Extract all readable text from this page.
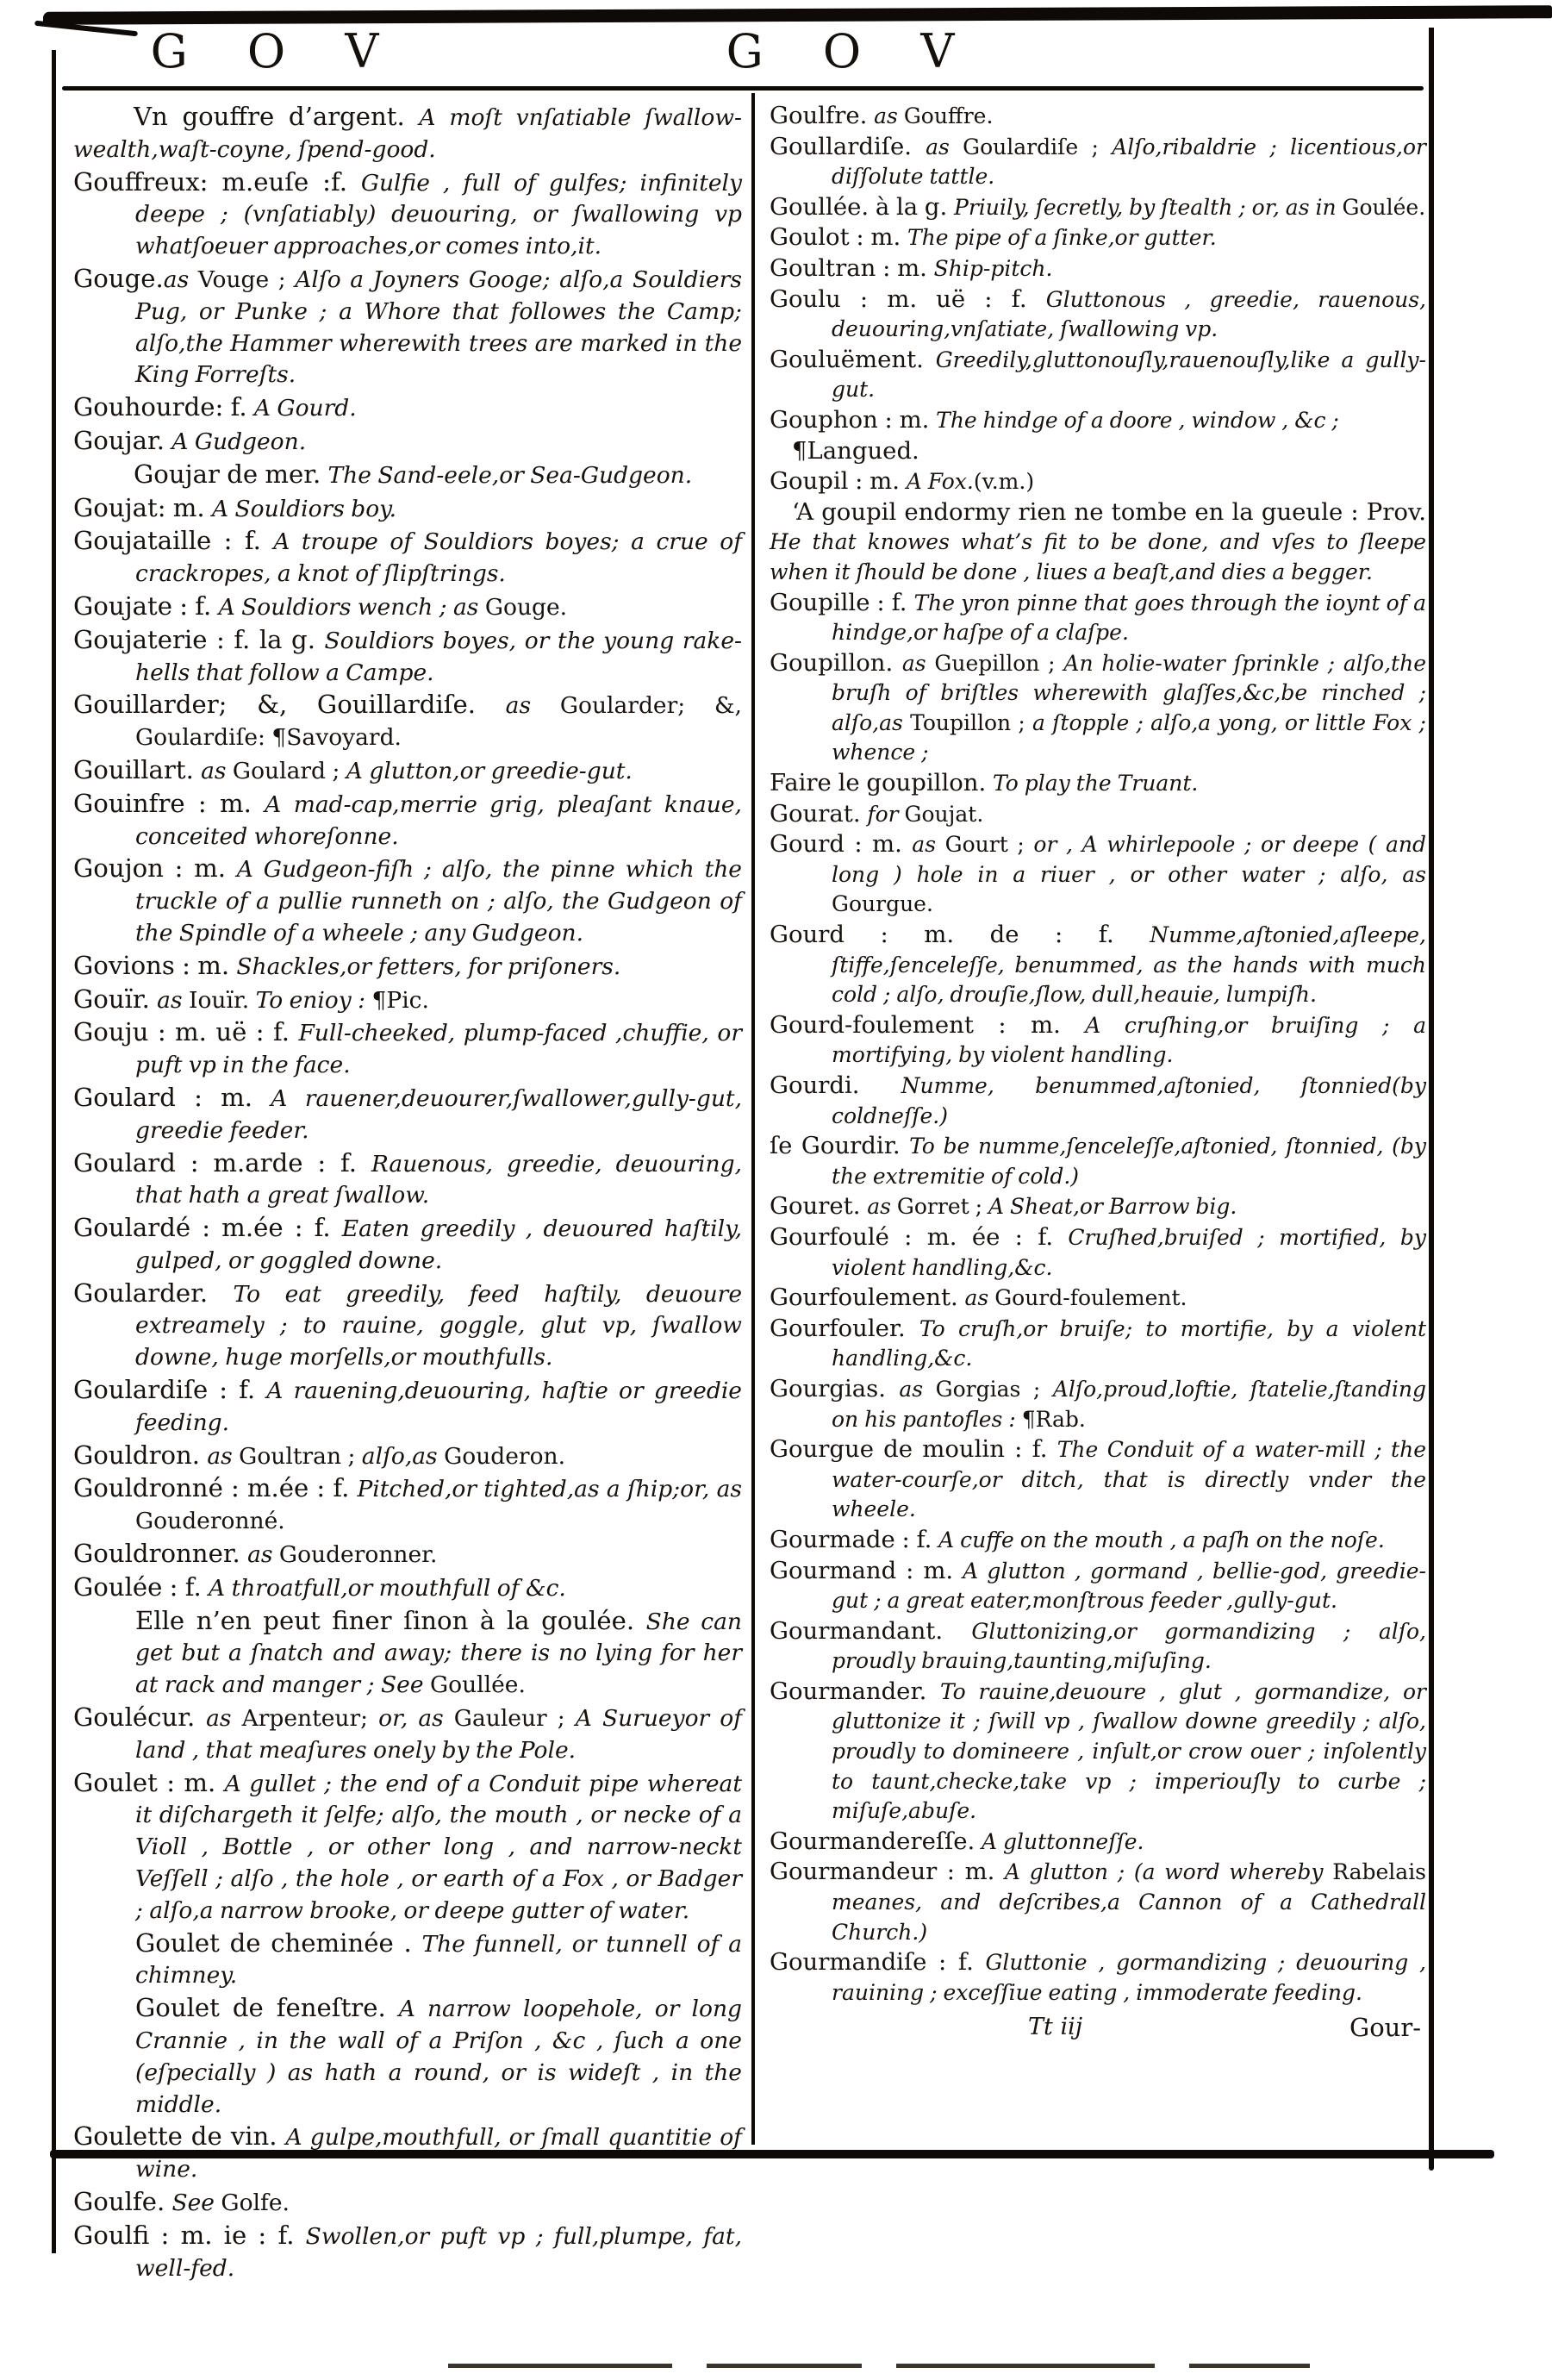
G O V	G O V

Vn gouffre d’argent. A moſt vnſatiable ſwallow-wealth,waſt-coyne, ſpend-good.

Gouffreux: m.euſe :f. Gulfie , full of gulfes; infinitely deepe ; (vnſatiably) deuouring, or ſwallowing vp whatſoeuer approaches,or comes into,it.

Gouge.as Vouge ; Alſo a Joyners Googe; alſo,a Souldiers Pug, or Punke ; a Whore that followes the Camp; alſo,the Hammer wherewith trees are marked in the King Forreſts.

Gouhourde: f. A Gourd.

Goujar. A Gudgeon.

Goujar de mer. The Sand-eele,or Sea-Gudgeon.

Goujat: m. A Souldiors boy.

Goujataille : f. A troupe of Souldiors boyes; a crue of crackropes, a knot of ſlipſtrings.

Goujate : f. A Souldiors wench ; as Gouge.

Goujaterie : f. la g. Souldiors boyes, or the young rake-hells that follow a Campe.

Gouillarder; &, Gouillardiſe. as Goularder; &, Goulardiſe: ¶Savoyard.

Gouillart. as Goulard ; A glutton,or greedie-gut.

Gouinfre : m. A mad-cap,merrie grig, pleaſant knaue, conceited whoreſonne.

Goujon : m. A Gudgeon-fiſh ; alſo, the pinne which the truckle of a pullie runneth on ; alſo, the Gudgeon of the Spindle of a wheele ; any Gudgeon.

Govions : m. Shackles,or fetters, for priſoners.

Gouïr. as Iouïr. To enioy : ¶Pic.

Gouju : m. uë : f. Full-cheeked, plump-faced ,chuffie, or puft vp in the face.

Goulard : m. A rauener,deuourer,ſwallower,gully-gut, greedie feeder.

Goulard : m.arde : f. Rauenous, greedie, deuouring, that hath a great ſwallow.

Goulardé : m.ée : f. Eaten greedily , deuoured haſtily, gulped, or goggled downe.

Goularder. To eat greedily, feed haſtily, deuoure extreamely ; to rauine, goggle, glut vp, ſwallow downe, huge morſells,or mouthfulls.

Goulardiſe : f. A rauening,deuouring, haſtie or greedie feeding.

Gouldron. as Goultran ; alſo,as Gouderon.

Gouldronné : m.ée : f. Pitched,or tighted,as a ſhip;or, as Gouderonné.

Gouldronner. as Gouderonner.

Goulée : f. A throatfull,or mouthfull of &c.

Elle n’en peut finer ſinon à la goulée. She can get but a ſnatch and away; there is no lying for her at rack and manger ; See Goullée.

Goulécur. as Arpenteur; or, as Gauleur ; A Surueyor of land , that meaſures onely by the Pole.

Goulet : m. A gullet ; the end of a Conduit pipe whereat it diſchargeth it ſelfe; alſo, the mouth , or necke of a Violl , Bottle , or other long , and narrow-neckt Veſſell ; alſo , the hole , or earth of a Fox , or Badger ; alſo,a narrow brooke, or deepe gutter of water.

Goulet de cheminée . The funnell, or tunnell of a chimney.

Goulet de feneſtre. A narrow loopehole, or long Crannie , in the wall of a Priſon , &c , ſuch a one (eſpecially ) as hath a round, or is wideſt , in the middle.

Goulette de vin. A gulpe,mouthfull, or ſmall quantitie of wine.

Goulfe. See Golfe.

Goulfi : m. ie : f. Swollen,or puft vp ; full,plumpe, fat, well-fed.

Goulfre. as Gouffre.

Goullardiſe. as Goulardiſe ; Alſo,ribaldrie ; licentious,or diſſolute tattle.

Goullée. à la g. Priuily, ſecretly, by ſtealth ; or, as in Goulée.

Goulot : m. The pipe of a ſinke,or gutter.

Goultran : m. Ship-pitch.

Goulu : m. uë : f. Gluttonous , greedie, rauenous, deuouring,vnſatiate, ſwallowing vp.

Gouluëment. Greedily,gluttonouſly,rauenouſly,like a gully-gut.

Gouphon : m. The hindge of a doore , window , &c ;

¶Langued.

Goupil : m. A Fox.(v.m.)

‘A goupil endormy rien ne tombe en la gueule : Prov. He that knowes what’s fit to be done, and vſes to ſleepe when it ſhould be done , liues a beaſt,and dies a begger.

Goupille : f. The yron pinne that goes through the ioynt of a hindge,or haſpe of a claſpe.

Goupillon. as Guepillon ; An holie-water ſprinkle ; alſo,the bruſh of briſtles wherewith glaſſes,&c,be rinched ; alſo,as Toupillon ; a ſtopple ; alſo,a yong, or little Fox ; whence ;

Faire le goupillon. To play the Truant.

Gourat. for Goujat.

Gourd : m. as Gourt ; or , A whirlepoole ; or deepe ( and long ) hole in a riuer , or other water ; alſo, as Gourgue.

Gourd : m. de : f. Numme,aſtonied,aſleepe, ſtiffe,ſenceleſſe, benummed, as the hands with much cold ; alſo, drouſie,ſlow, dull,heauie, lumpiſh.

Gourd-foulement : m. A cruſhing,or bruiſing ; a mortifying, by violent handling.

Gourdi. Numme, benummed,aſtonied, ſtonnied(by coldneſſe.)

ſe Gourdir. To be numme,ſenceleſſe,aſtonied, ſtonnied, (by the extremitie of cold.)

Gouret. as Gorret ; A Sheat,or Barrow big.

Gourfoulé : m. ée : f. Cruſhed,bruiſed ; mortified, by violent handling,&c.

Gourfoulement. as Gourd-foulement.

Gourfouler. To cruſh,or bruiſe; to mortifie, by a violent handling,&c.

Gourgias. as Gorgias ; Alſo,proud,loftie, ſtatelie,ſtanding on his pantofles : ¶Rab.

Gourgue de moulin : f. The Conduit of a water-mill ; the water-courſe,or ditch, that is directly vnder the wheele.

Gourmade : f. A cuffe on the mouth , a paſh on the noſe.

Gourmand : m. A glutton , gormand , bellie-god, greedie-gut ; a great eater,monſtrous feeder ,gully-gut.

Gourmandant. Gluttonizing,or gormandizing ; alſo, proudly brauing,taunting,miſuſing.

Gourmander. To rauine,deuoure , glut , gormandize, or gluttonize it ; ſwill vp , ſwallow downe greedily ; alſo, proudly to domineere , inſult,or crow ouer ; inſolently to taunt,checke,take vp ; imperiouſly to curbe ; miſuſe,abuſe.

Gourmandereſſe. A gluttonneſſe.

Gourmandeur : m. A glutton ; (a word whereby Rabelais meanes, and deſcribes,a Cannon of a Cathedrall Church.)

Gourmandiſe : f. Gluttonie , gormandizing ; deuouring , rauining ; exceſſiue eating , immoderate feeding.

Tt iij	Gour-
